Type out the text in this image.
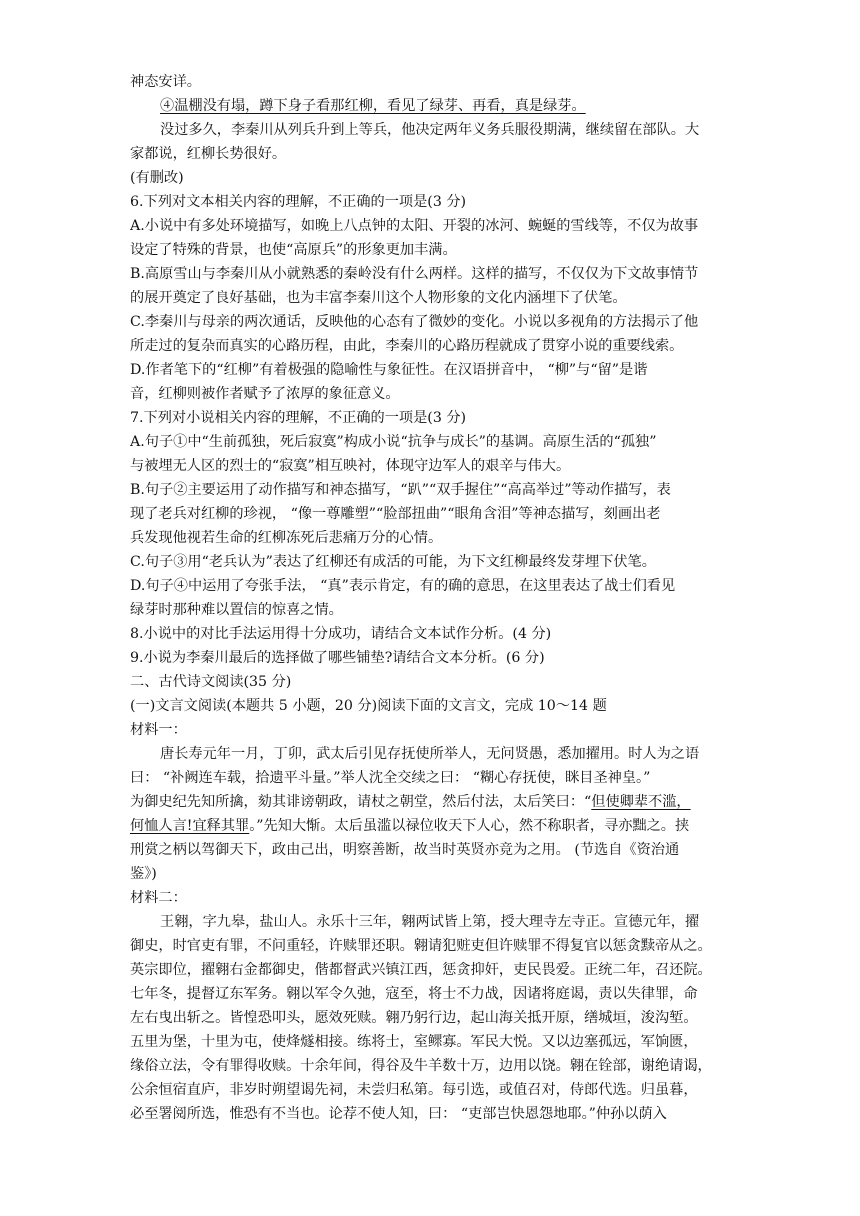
神态安详。
④温棚没有塌，蹲下身子看那红柳，看见了绿芽、再看，真是绿芽。
没过多久，李秦川从列兵升到上等兵，他决定两年义务兵服役期满，继续留在部队。大
家都说，红柳长势很好。
(有删改)
6.下列对文本相关内容的理解，不正确的一项是(3 分)
A.小说中有多处环境描写，如晚上八点钟的太阳、开裂的冰河、蜿蜒的雪线等，不仅为故事
设定了特殊的背景，也使“高原兵”的形象更加丰满。
B.高原雪山与李秦川从小就熟悉的秦岭没有什么两样。这样的描写，不仅仅为下文故事情节
的展开奠定了良好基础，也为丰富李秦川这个人物形象的文化内涵埋下了伏笔。
C.李秦川与母亲的两次通话，反映他的心态有了微妙的变化。小说以多视角的方法揭示了他
所走过的复杂而真实的心路历程，由此，李秦川的心路历程就成了贯穿小说的重要线索。
D.作者笔下的“红柳”有着极强的隐喻性与象征性。在汉语拼音中， “柳”与“留”是谐
音，红柳则被作者赋予了浓厚的象征意义。
7.下列对小说相关内容的理解，不正确的一项是(3 分)
A.句子①中“生前孤独，死后寂寞”构成小说“抗争与成长”的基调。高原生活的“孤独”
与被埋无人区的烈士的“寂寞”相互映衬，体现守边军人的艰辛与伟大。
B.句子②主要运用了动作描写和神态描写，“趴”“双手握住”“高高举过”等动作描写，表
现了老兵对红柳的珍视， “像一尊雕塑”“脸部扭曲”“眼角含泪”等神态描写，刻画出老
兵发现他视若生命的红柳冻死后悲痛万分的心情。
C.句子③用“老兵认为”表达了红柳还有成活的可能，为下文红柳最终发芽埋下伏笔。
D.句子④中运用了夸张手法， “真”表示肯定，有的确的意思，在这里表达了战士们看见
绿芽时那种难以置信的惊喜之情。
8.小说中的对比手法运用得十分成功，请结合文本试作分析。(4 分)
9.小说为李秦川最后的选择做了哪些铺垫?请结合文本分析。(6 分)
二、古代诗文阅读(35 分)
(一)文言文阅读(本题共 5 小题，20 分)阅读下面的文言文，完成 10～14 题
材料一：
唐长寿元年一月，丁卯，武太后引见存抚使所举人，无问贤愚，悉加擢用。时人为之语
曰： “补阙连车载，拾遗平斗量。”举人沈全交续之曰： “糊心存抚使，眯目圣神皇。”
为御史纪先知所擒，劾其诽谤朝政，请杖之朝堂，然后付法，太后笑曰：“但使卿辈不滥，
何恤人言!宜释其罪。”先知大惭。太后虽滥以禄位收天下人心，然不称职者，寻亦黜之。挟
刑赏之柄以驾御天下，政由己出，明察善断，故当时英贤亦竞为之用。 (节选自《资治通
鉴》)
材料二：
王翱，字九皋，盐山人。永乐十三年，翱两试皆上第，授大理寺左寺正。宣德元年，擢
御史，时官吏有罪，不问重轻，许赎罪还职。翱请犯赃吏但许赎罪不得复官以惩贪黩帝从之。
英宗即位，擢翱右金都御史，偕都督武兴镇江西，惩贪抑奸，吏民畏爱。正统二年，召还院。
七年冬，提督辽东军务。翱以军令久弛，寇至，将士不力战，因诸将庭谒，责以失律罪，命
左右曳出斩之。皆惶恐叩头，愿效死赎。翱乃躬行边，起山海关抵开原，缮城垣，浚沟堑。
五里为堡，十里为屯，使烽燧相接。练将士，室鳏寡。军民大悦。又以边塞孤远，军饷匮，
缘俗立法，令有罪得收赎。十余年间，得谷及牛羊数十万，边用以饶。翱在铨部，谢绝请谒，
公余恒宿直庐，非岁时朔望谒先祠，未尝归私第。每引选，或值召对，侍郎代选。归虽暮，
必至署阅所选，惟恐有不当也。论荐不使人知，曰： “吏部岂快恩怨地耶。”仲孙以荫入
